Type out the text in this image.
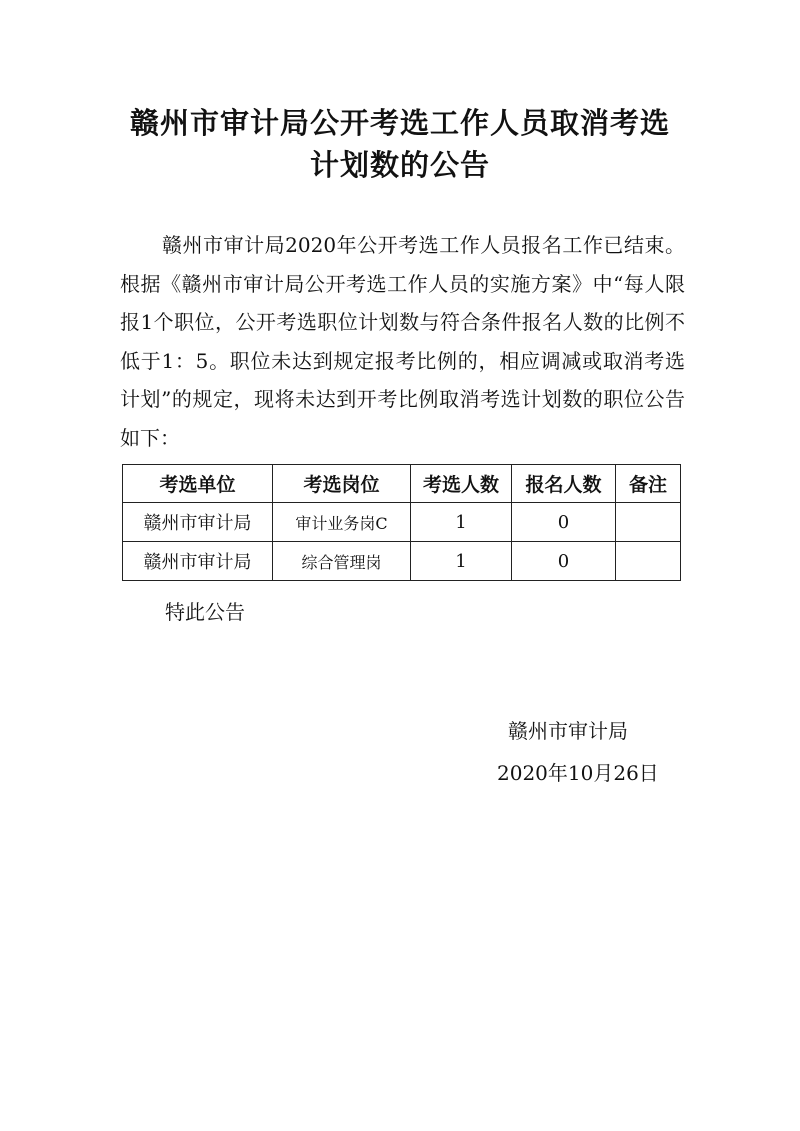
赣州市审计局公开考选工作人员取消考选
计划数的公告

赣州市审计局2020年公开考选工作人员报名工作已结束。根据《赣州市审计局公开考选工作人员的实施方案》中“每人限报1个职位，公开考选职位计划数与符合条件报名人数的比例不低于1：5。职位未达到规定报考比例的，相应调减或取消考选计划”的规定，现将未达到开考比例取消考选计划数的职位公告如下：

考选单位	考选岗位	考选人数	报名人数	备注
赣州市审计局	审计业务岗C	1	0	
赣州市审计局	综合管理岗	1	0	

特此公告

赣州市审计局

2020年10月26日
